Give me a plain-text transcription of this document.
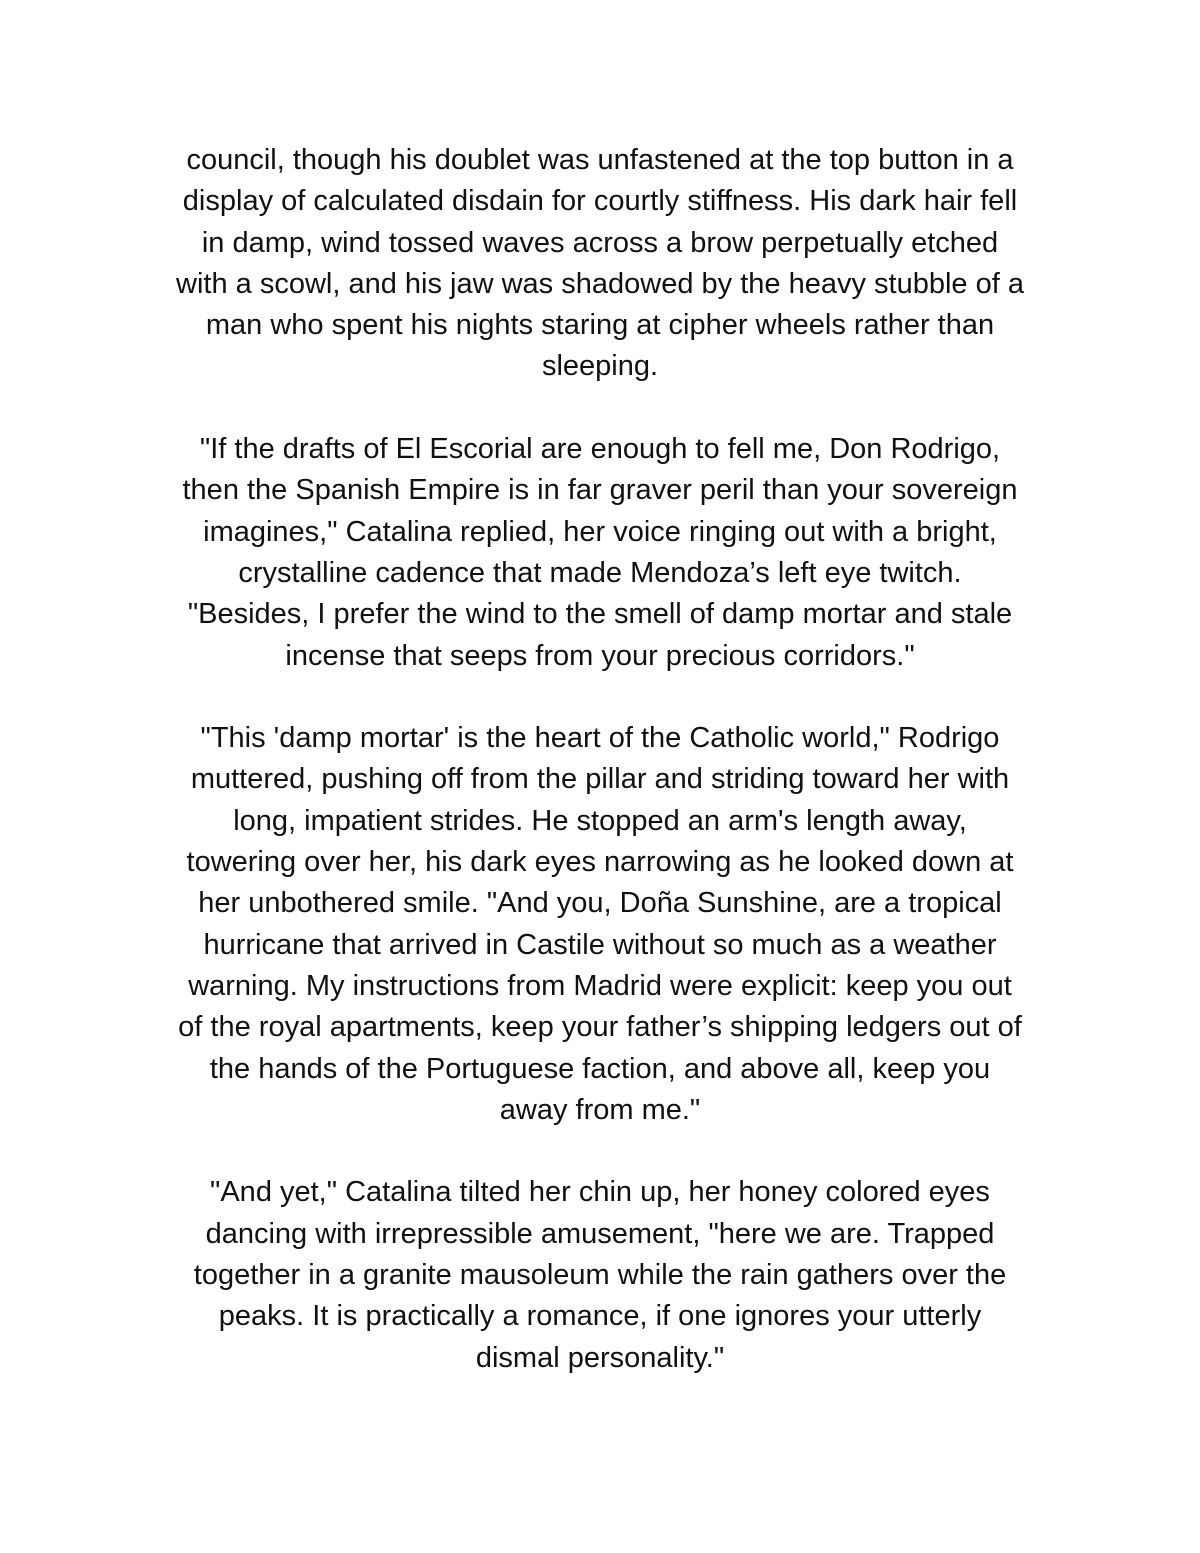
council, though his doublet was unfastened at the top button in a
display of calculated disdain for courtly stiffness. His dark hair fell
in damp, wind tossed waves across a brow perpetually etched
with a scowl, and his jaw was shadowed by the heavy stubble of a
man who spent his nights staring at cipher wheels rather than
sleeping.

"If the drafts of El Escorial are enough to fell me, Don Rodrigo,
then the Spanish Empire is in far graver peril than your sovereign
imagines," Catalina replied, her voice ringing out with a bright,
crystalline cadence that made Mendoza’s left eye twitch.
"Besides, I prefer the wind to the smell of damp mortar and stale
incense that seeps from your precious corridors."

"This 'damp mortar' is the heart of the Catholic world," Rodrigo
muttered, pushing off from the pillar and striding toward her with
long, impatient strides. He stopped an arm's length away,
towering over her, his dark eyes narrowing as he looked down at
her unbothered smile. "And you, Doña Sunshine, are a tropical
hurricane that arrived in Castile without so much as a weather
warning. My instructions from Madrid were explicit: keep you out
of the royal apartments, keep your father’s shipping ledgers out of
the hands of the Portuguese faction, and above all, keep you
away from me."

"And yet," Catalina tilted her chin up, her honey colored eyes
dancing with irrepressible amusement, "here we are. Trapped
together in a granite mausoleum while the rain gathers over the
peaks. It is practically a romance, if one ignores your utterly
dismal personality."
